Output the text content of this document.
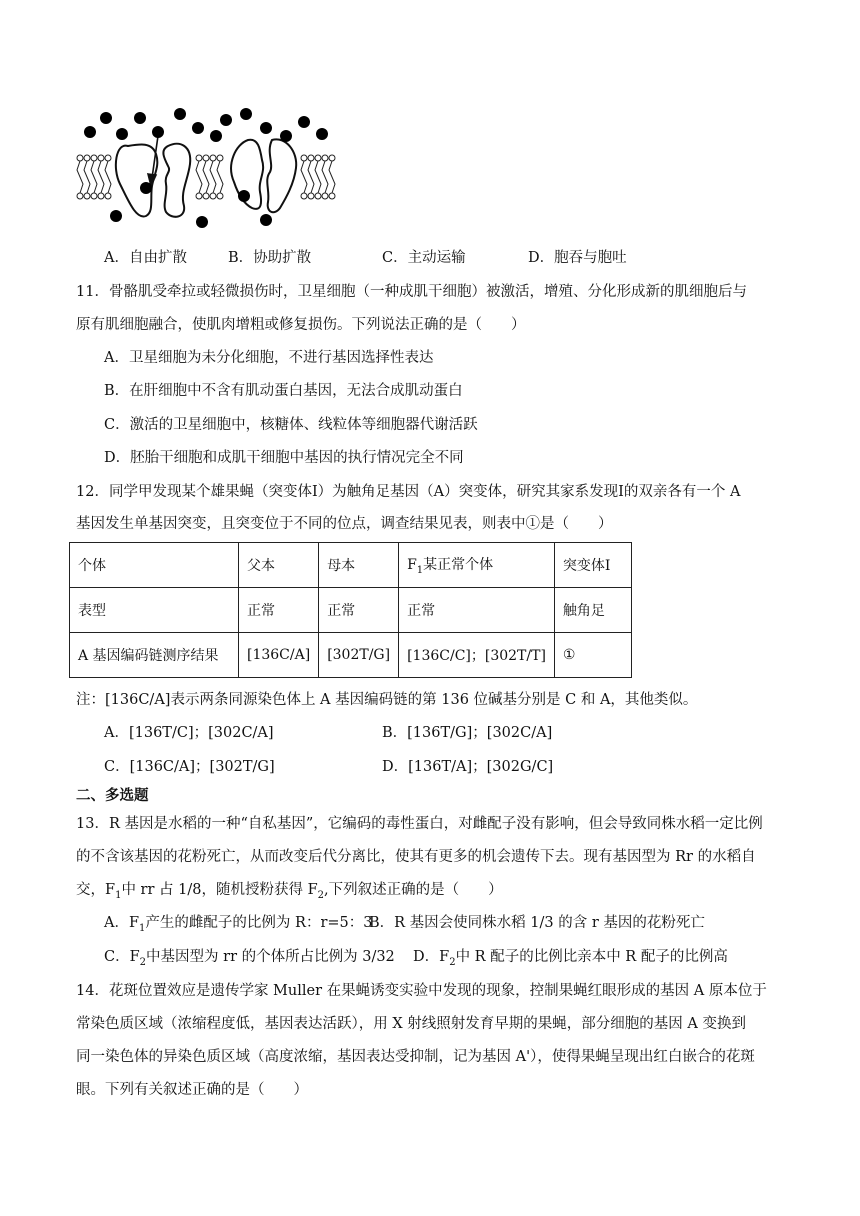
A．自由扩散	B．协助扩散	C．主动运输	D．胞吞与胞吐
11．骨骼肌受牵拉或轻微损伤时，卫星细胞（一种成肌干细胞）被激活，增殖、分化形成新的肌细胞后与
原有肌细胞融合，使肌肉增粗或修复损伤。下列说法正确的是（　　）
A．卫星细胞为未分化细胞，不进行基因选择性表达
B．在肝细胞中不含有肌动蛋白基因，无法合成肌动蛋白
C．激活的卫星细胞中，核糖体、线粒体等细胞器代谢活跃
D．胚胎干细胞和成肌干细胞中基因的执行情况完全不同
12．同学甲发现某个雄果蝇（突变体Ⅰ）为触角足基因（A）突变体，研究其家系发现Ⅰ的双亲各有一个 A
基因发生单基因突变，且突变位于不同的位点，调查结果见表，则表中①是（　　）
个体	父本	母本	$F_1$某正常个体	突变体Ⅰ
表型	正常	正常	正常	触角足
A 基因编码链测序结果	[136C/A]	[302T/G]	[136C/C]；[302T/T]	①
注：[136C/A]表示两条同源染色体上 A 基因编码链的第 136 位碱基分别是 C 和 A，其他类似。
A．[136T/C]；[302C/A]	B．[136T/G]；[302C/A]
C．[136C/A]；[302T/G]	D．[136T/A]；[302G/C]
二、多选题
13．R 基因是水稻的一种“自私基因”，它编码的毒性蛋白，对雌配子没有影响，但会导致同株水稻一定比例
的不含该基因的花粉死亡，从而改变后代分离比，使其有更多的机会遗传下去。现有基因型为 Rr 的水稻自
交，$F_1$中 rr 占 1/8，随机授粉获得 $F_2$,下列叙述正确的是（　　）
A．$F_1$产生的雌配子的比例为 R：r=5：3
B．R 基因会使同株水稻 1/3 的含 r 基因的花粉死亡
C．$F_2$中基因型为 rr 的个体所占比例为 3/32 D．$F_2$中 R 配子的比例比亲本中 R 配子的比例高
14．花斑位置效应是遗传学家 Muller 在果蝇诱变实验中发现的现象，控制果蝇红眼形成的基因 A 原本位于
常染色质区域（浓缩程度低，基因表达活跃），用 X 射线照射发育早期的果蝇，部分细胞的基因 A 变换到
同一染色体的异染色质区域（高度浓缩，基因表达受抑制，记为基因 A'），使得果蝇呈现出红白嵌合的花斑
眼。下列有关叙述正确的是（　　）
